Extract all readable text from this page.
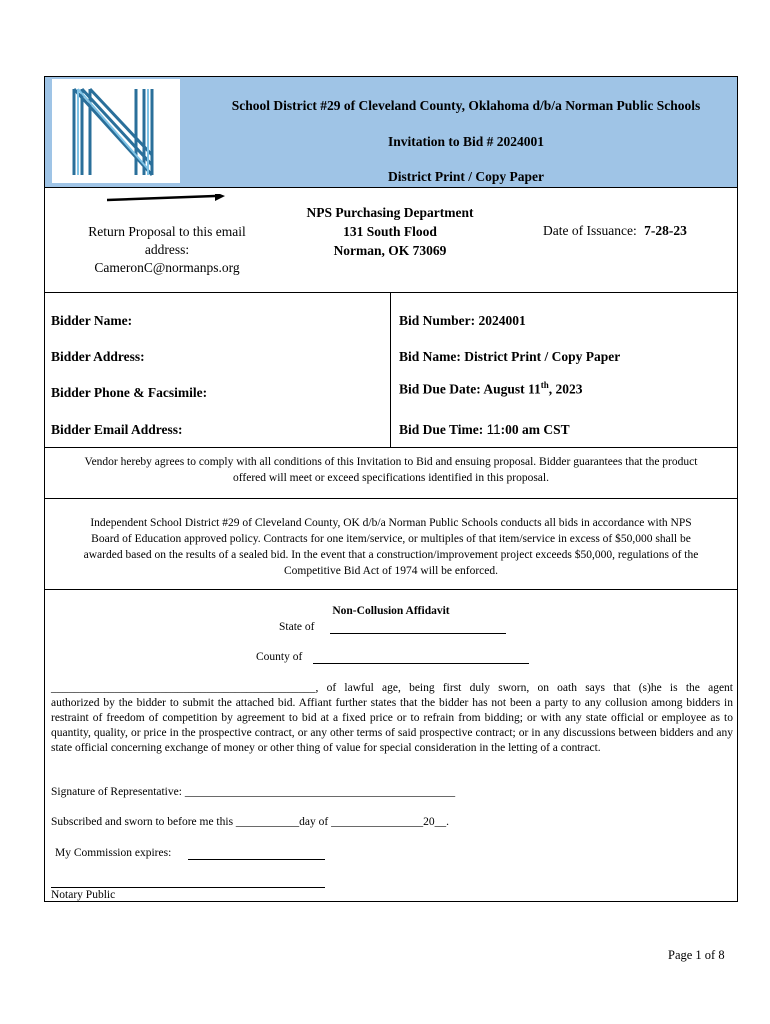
School District #29 of Cleveland County, Oklahoma d/b/a Norman Public Schools
Invitation to Bid # 2024001
District Print / Copy Paper
Return Proposal to this email
address:
CameronC@normanps.org
NPS Purchasing Department
131 South Flood
Norman, OK 73069
Date of Issuance: 7-28-23
Bidder Name:
Bidder Address:
Bidder Phone & Facsimile:
Bidder Email Address:
Bid Number: 2024001
Bid Name: District Print / Copy Paper
Bid Due Date: August 11th, 2023
Bid Due Time: 11:00 am CST
Vendor hereby agrees to comply with all conditions of this Invitation to Bid and ensuing proposal. Bidder guarantees that the product
offered will meet or exceed specifications identified in this proposal.
Independent School District #29 of Cleveland County, OK d/b/a Norman Public Schools conducts all bids in accordance with NPS
Board of Education approved policy. Contracts for one item/service, or multiples of that item/service in excess of $50,000 shall be
awarded based on the results of a sealed bid. In the event that a construction/improvement project exceeds $50,000, regulations of the
Competitive Bid Act of 1974 will be enforced.
Non-Collusion Affidavit
State of
County of
______________________________________________, of lawful age, being first duly sworn, on oath says that (s)he is the agent
authorized by the bidder to submit the attached bid. Affiant further states that the bidder has not been a party to any collusion among bidders in restraint of freedom of competition by agreement to bid at a fixed price or to refrain from bidding; or with any state official or employee as to quantity, quality, or price in the prospective contract, or any other terms of said prospective contract; or in any discussions between bidders and any state official concerning exchange of money or other thing of value for special consideration in the letting of a contract.
Signature of Representative: _______________________________________________
Subscribed and sworn to before me this ___________day of ________________20__.
My Commission expires:
Notary Public
Page 1 of 8
